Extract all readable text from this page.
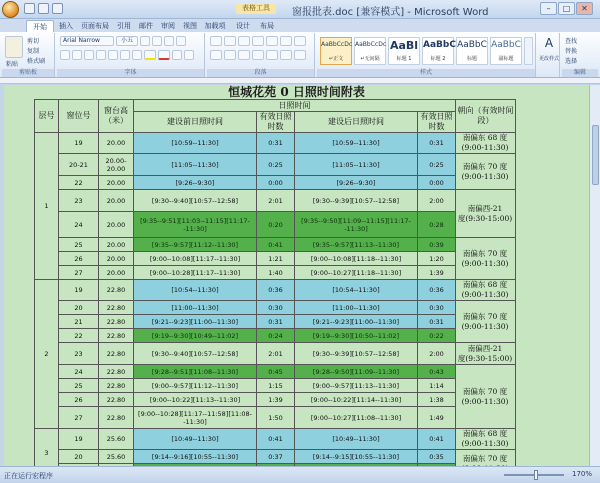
表格工具	窗报批表.doc [兼容模式] - Microsoft Word	–	□	✕
开始	插入	页面布局	引用	邮件	审阅	视图	加载项	设计	布局
粘贴
剪切
复制
格式刷
剪贴板
Arial Narrow	小五
字体	段落
AaBbCcDc
↵正文
AaBbCcDc
↵无间隔
AaBl
标题 1
AaBbC
标题 2
AaBbC
标题
AaBbC
副标题
样式
A
更改样式
查找
替换
选择
编辑
恒城花苑 0 日照时间附表
层号	窗位号	窗台高（米）	日照时间				朝向（有效时间段）
			建设前日照时间	有效日照时数	建设后日照时间	有效日照时数	
1	19	20.00	[10:59--11:30]	0:31	[10:59--11:30]	0:31	南偏东 68 度
(9:00-11:30)
	20-21	20.00-20.00	[11:05--11:30]	0:25	[11:05--11:30]	0:25	南偏东 70 度
(9:00-11:30)
	22	20.00	[9:26--9:30]	0:00	[9:26--9:30]	0:00	
	23	20.00	[9:30--9:40][10:57--12:58]	2:01	[9:30--9:39][10:57--12:58]	2:00	南偏西-21
度(9:30-15:00)
	24	20.00	[9:35--9:51][11:03--11:15][11:17--11:30]	0:20	[9:35--9:50][11:09--11:15][11:17--11:30]	0:28	
	25	20.00	[9:35--9:57][11:12--11:30]	0:41	[9:35--9:57][11:13--11:30]	0:39	南偏东 70 度
(9:00-11:30)
	26	20.00	[9:00--10:08][11:17--11:30]	1:21	[9:00--10:08][11:18--11:30]	1:20	
	27	20.00	[9:00--10:28][11:17--11:30]	1:40	[9:00--10:27][11:18--11:30]	1:39	
2	19	22.80	[10:54--11:30]	0:36	[10:54--11:30]	0:36	南偏东 68 度
(9:00-11:30)
	20	22.80	[11:00--11:30]	0:30	[11:00--11:30]	0:30	南偏东 70 度
(9:00-11:30)
	21	22.80	[9:21--9:23][11:00--11:30]	0:31	[9:21--9:23][11:00--11:30]	0:31	
	22	22.80	[9:19--9:30][10:49--11:02]	0:24	[9:19--9:30][10:50--11:02]	0:22	
	23	22.80	[9:30--9:40][10:57--12:58]	2:01	[9:30--9:39][10:57--12:58]	2:00	南偏西-21
度(9:30-15:00)
	24	22.80	[9:28--9:51][11:08--11:30]	0:45	[9:28--9:50][11:09--11:30]	0:43	南偏东 70 度
(9:00-11:30)
	25	22.80	[9:00--9:57][11:12--11:30]	1:15	[9:00--9:57][11:13--11:30]	1:14	
	26	22.80	[9:00--10:22][11:13--11:30]	1:39	[9:00--10:22][11:14--11:30]	1:38	
	27	22.80	[9:00--10:28][11:17--11:58][11:08--11:30]	1:50	[9:00--10:27][11:08--11:30]	1:49	
3	19	25.60	[10:49--11:30]	0:41	[10:49--11:30]	0:41	南偏东 68 度
(9:00-11:30)
	20	25.60	[9:14--9:16][10:55--11:30]	0:37	[9:14--9:15][10:55--11:30]	0:35	南偏东 70 度

正在运行宏程序	170%
